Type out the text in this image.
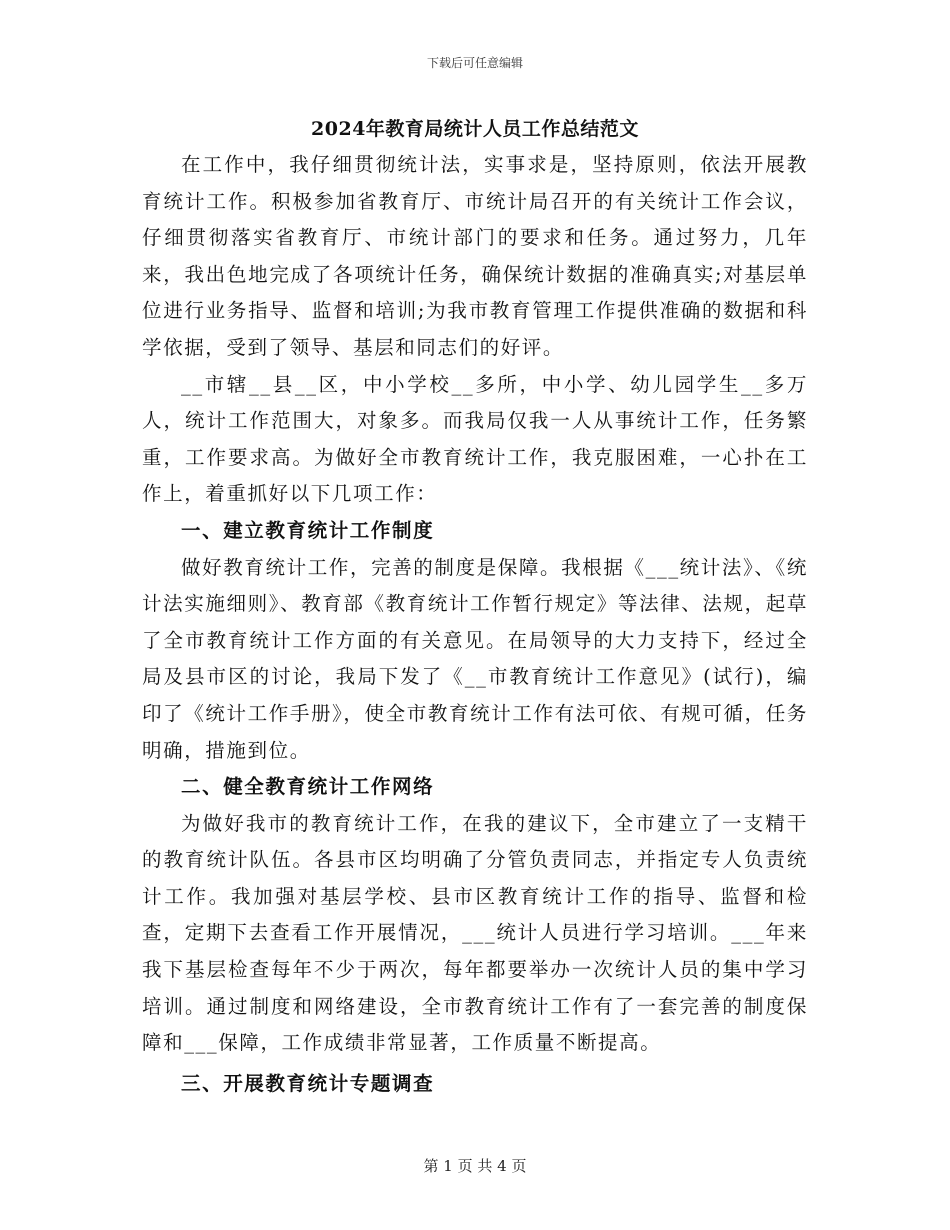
下载后可任意编辑
2024年教育局统计人员工作总结范文

在工作中，我仔细贯彻统计法，实事求是，坚持原则，依法开展教育统计工作。积极参加省教育厅、市统计局召开的有关统计工作会议，仔细贯彻落实省教育厅、市统计部门的要求和任务。通过努力，几年来，我出色地完成了各项统计任务，确保统计数据的准确真实;对基层单位进行业务指导、监督和培训;为我市教育管理工作提供准确的数据和科学依据，受到了领导、基层和同志们的好评。

__市辖__县__区，中小学校__多所，中小学、幼儿园学生__多万人，统计工作范围大，对象多。而我局仅我一人从事统计工作，任务繁重，工作要求高。为做好全市教育统计工作，我克服困难，一心扑在工作上，着重抓好以下几项工作：

一、建立教育统计工作制度

做好教育统计工作，完善的制度是保障。我根据《___统计法》、《统计法实施细则》、教育部《教育统计工作暂行规定》等法律、法规，起草了全市教育统计工作方面的有关意见。在局领导的大力支持下，经过全局及县市区的讨论，我局下发了《__市教育统计工作意见》(试行)，编印了《统计工作手册》，使全市教育统计工作有法可依、有规可循，任务明确，措施到位。

二、健全教育统计工作网络

为做好我市的教育统计工作，在我的建议下，全市建立了一支精干的教育统计队伍。各县市区均明确了分管负责同志，并指定专人负责统计工作。我加强对基层学校、县市区教育统计工作的指导、监督和检查，定期下去查看工作开展情况，___统计人员进行学习培训。___年来我下基层检查每年不少于两次，每年都要举办一次统计人员的集中学习培训。通过制度和网络建设，全市教育统计工作有了一套完善的制度保障和___保障，工作成绩非常显著，工作质量不断提高。

三、开展教育统计专题调查
第 1 页 共 4 页
